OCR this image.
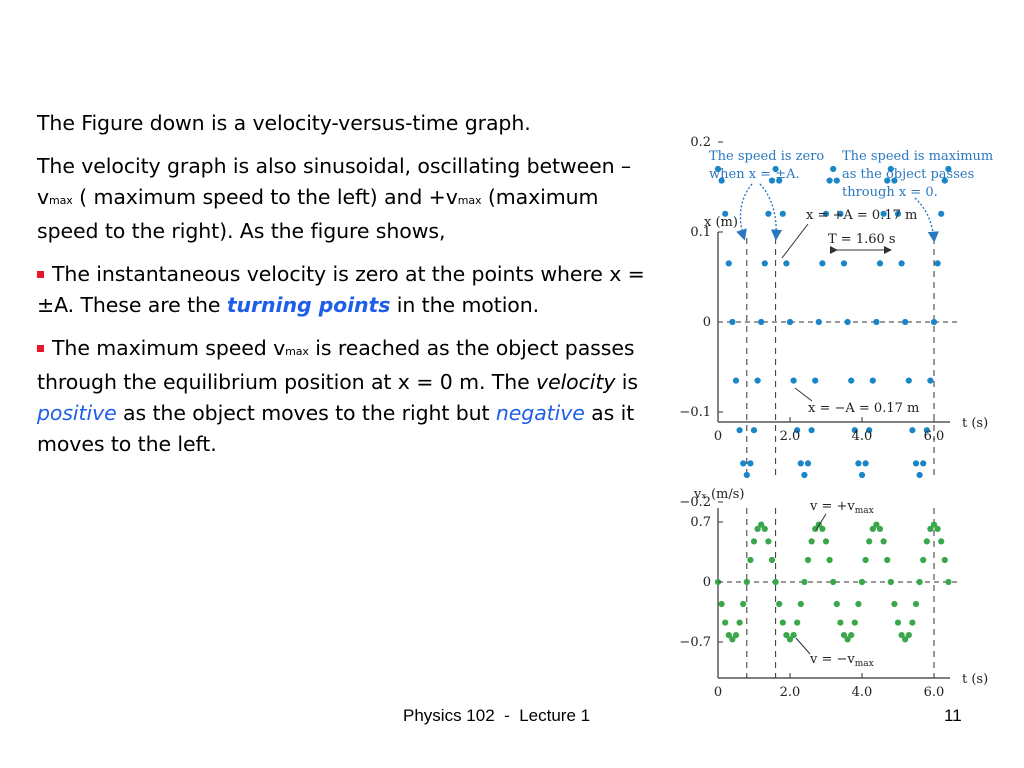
The Figure down is a velocity-versus-time graph.

The velocity graph is also sinusoidal, oscillating between –vmax ( maximum speed to the left) and +vmax (maximum speed to the right). As the figure shows,

The instantaneous velocity is zero at the points where x = ±A. These are the turning points in the motion.

The maximum speed vmax is reached as the object passes through the equilibrium position at x = 0 m. The velocity is positive as the object moves to the right but negative as it moves to the left.

0.2
0.1
0
−0.1
−0.2
0	2.0	4.0	6.0
x (m)
t (s)
The speed is zero
when x = ±A.
The speed is maximum
as the object passes
through x = 0.
x = +A = 0.17 m
T = 1.60 s
x = −A = 0.17 m
0.7
0
−0.7
0	2.0	4.0	6.0
vₓ (m/s)
t (s)
$v = +v_{max}$
$v = -v_{max}$
Physics 102  -  Lecture 1	11
